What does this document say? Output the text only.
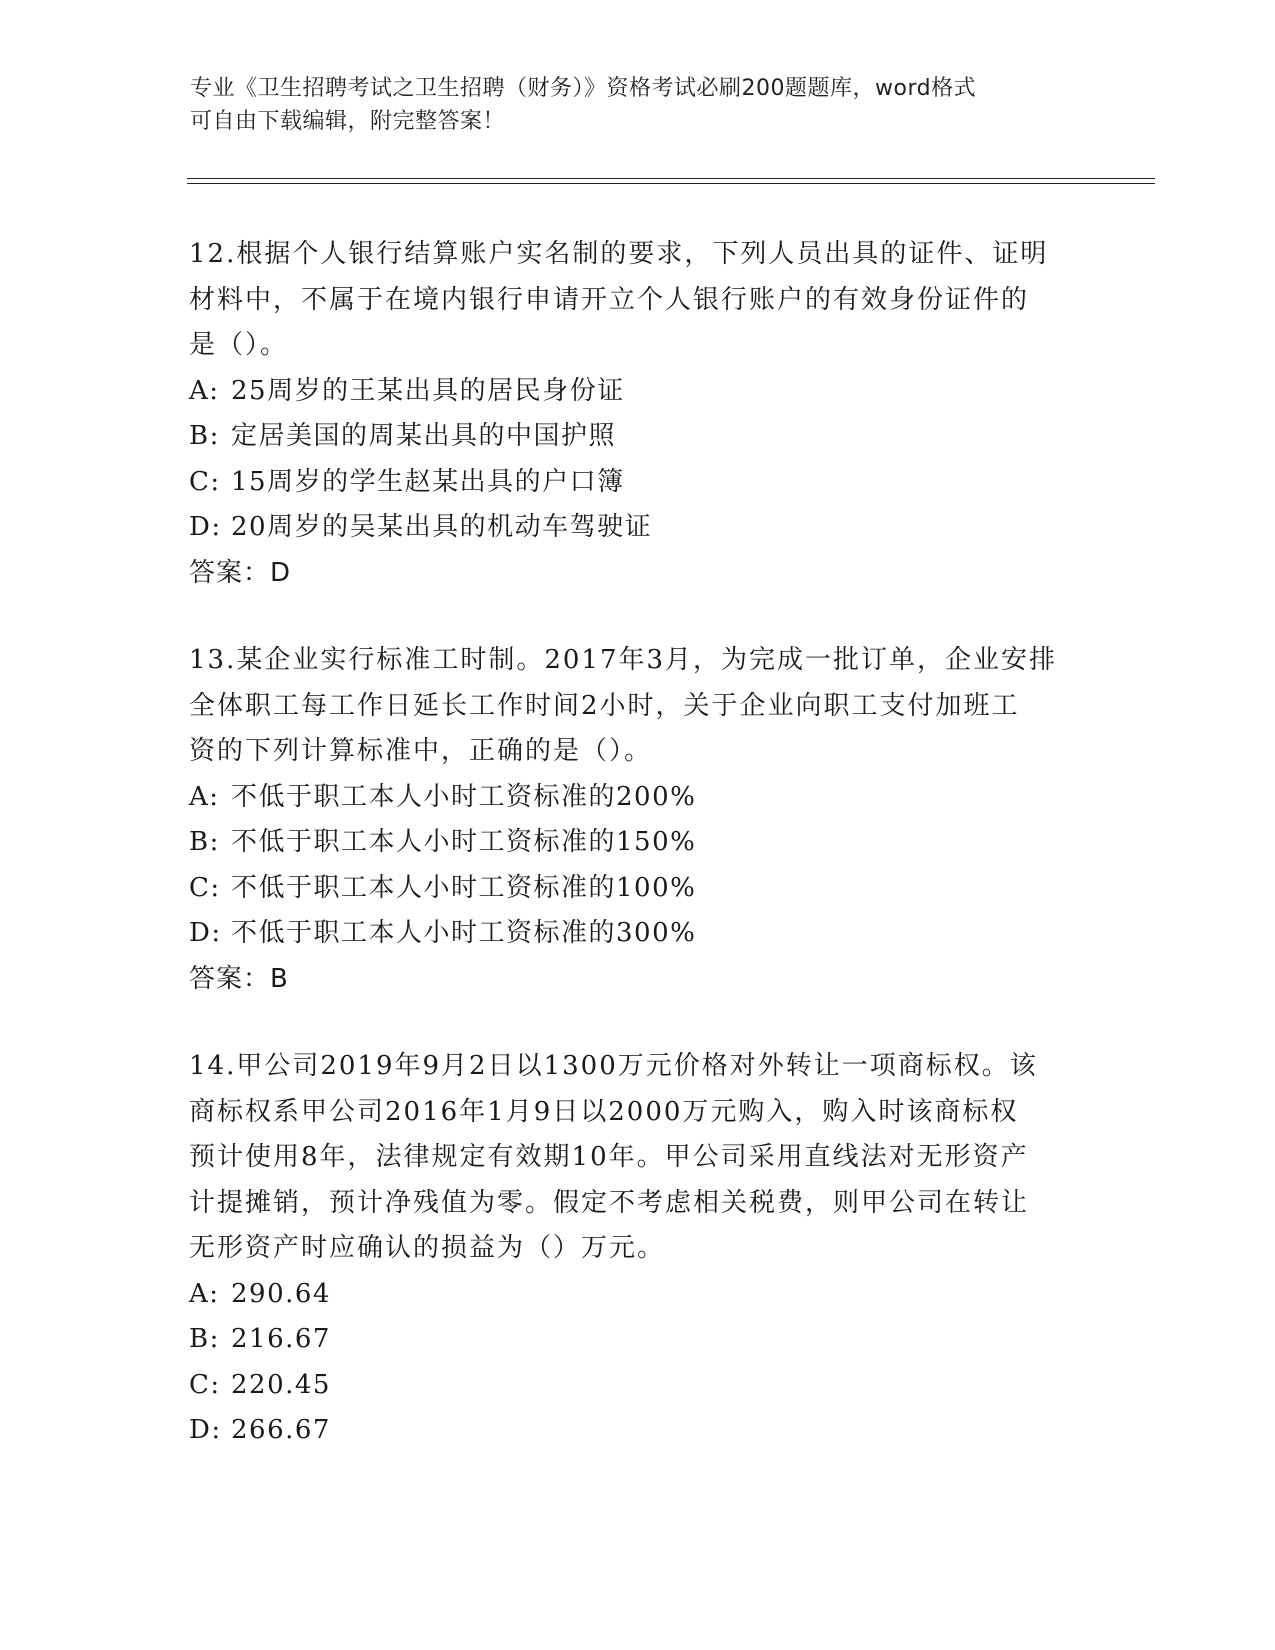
专业《卫生招聘考试之卫生招聘（财务）》资格考试必刷200题题库，word格式
可自由下载编辑，附完整答案！
12.根据个人银行结算账户实名制的要求，下列人员出具的证件、证明
材料中，不属于在境内银行申请开立个人银行账户的有效身份证件的
是（）。
A: 25周岁的王某出具的居民身份证
B: 定居美国的周某出具的中国护照
C: 15周岁的学生赵某出具的户口簿
D: 20周岁的吴某出具的机动车驾驶证
答案：D
13.某企业实行标准工时制。2017年3月，为完成一批订单，企业安排
全体职工每工作日延长工作时间2小时，关于企业向职工支付加班工
资的下列计算标准中，正确的是（）。
A: 不低于职工本人小时工资标准的200%
B: 不低于职工本人小时工资标准的150%
C: 不低于职工本人小时工资标准的100%
D: 不低于职工本人小时工资标准的300%
答案：B
14.甲公司2019年9月2日以1300万元价格对外转让一项商标权。该
商标权系甲公司2016年1月9日以2000万元购入，购入时该商标权
预计使用8年，法律规定有效期10年。甲公司采用直线法对无形资产
计提摊销，预计净残值为零。假定不考虑相关税费，则甲公司在转让
无形资产时应确认的损益为（）万元。
A: 290.64
B: 216.67
C: 220.45
D: 266.67
